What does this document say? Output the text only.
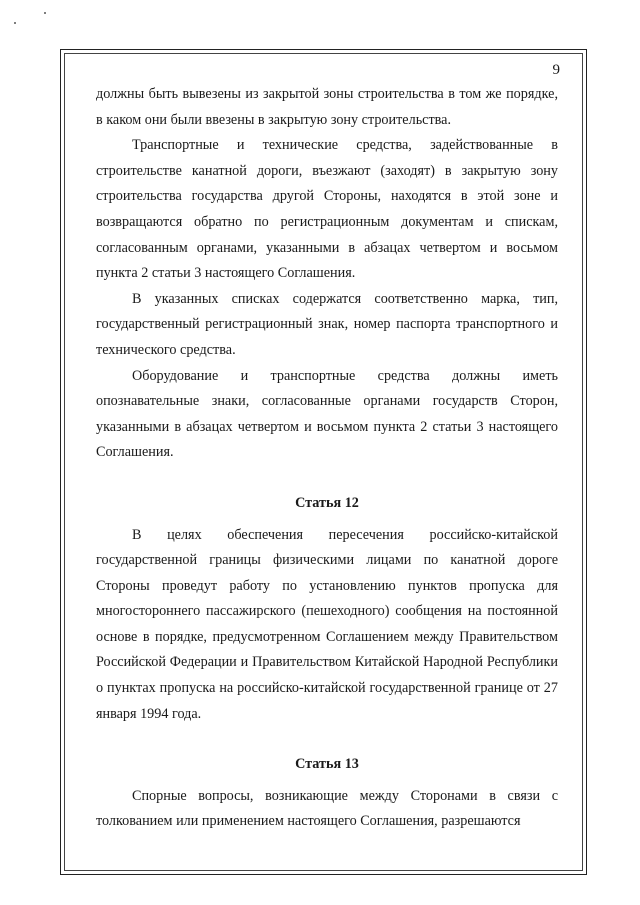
9

должны быть вывезены из закрытой зоны строительства в том же порядке, в каком они были ввезены в закрытую зону строительства.

Транспортные и технические средства, задействованные в строительстве канатной дороги, въезжают (заходят) в закрытую зону строительства государства другой Стороны, находятся в этой зоне и возвращаются обратно по регистрационным документам и спискам, согласованным органами, указанными в абзацах четвертом и восьмом пункта 2 статьи 3 настоящего Соглашения.

В указанных списках содержатся соответственно марка, тип, государственный регистрационный знак, номер паспорта транспортного и технического средства.

Оборудование и транспортные средства должны иметь опознавательные знаки, согласованные органами государств Сторон, указанными в абзацах четвертом и восьмом пункта 2 статьи 3 настоящего Соглашения.

Статья 12

В целях обеспечения пересечения российско-китайской государственной границы физическими лицами по канатной дороге Стороны проведут работу по установлению пунктов пропуска для многостороннего пассажирского (пешеходного) сообщения на постоянной основе в порядке, предусмотренном Соглашением между Правительством Российской Федерации и Правительством Китайской Народной Республики о пунктах пропуска на российско-китайской государственной границе от 27 января 1994 года.

Статья 13

Спорные вопросы, возникающие между Сторонами в связи с толкованием или применением настоящего Соглашения, разрешаются
